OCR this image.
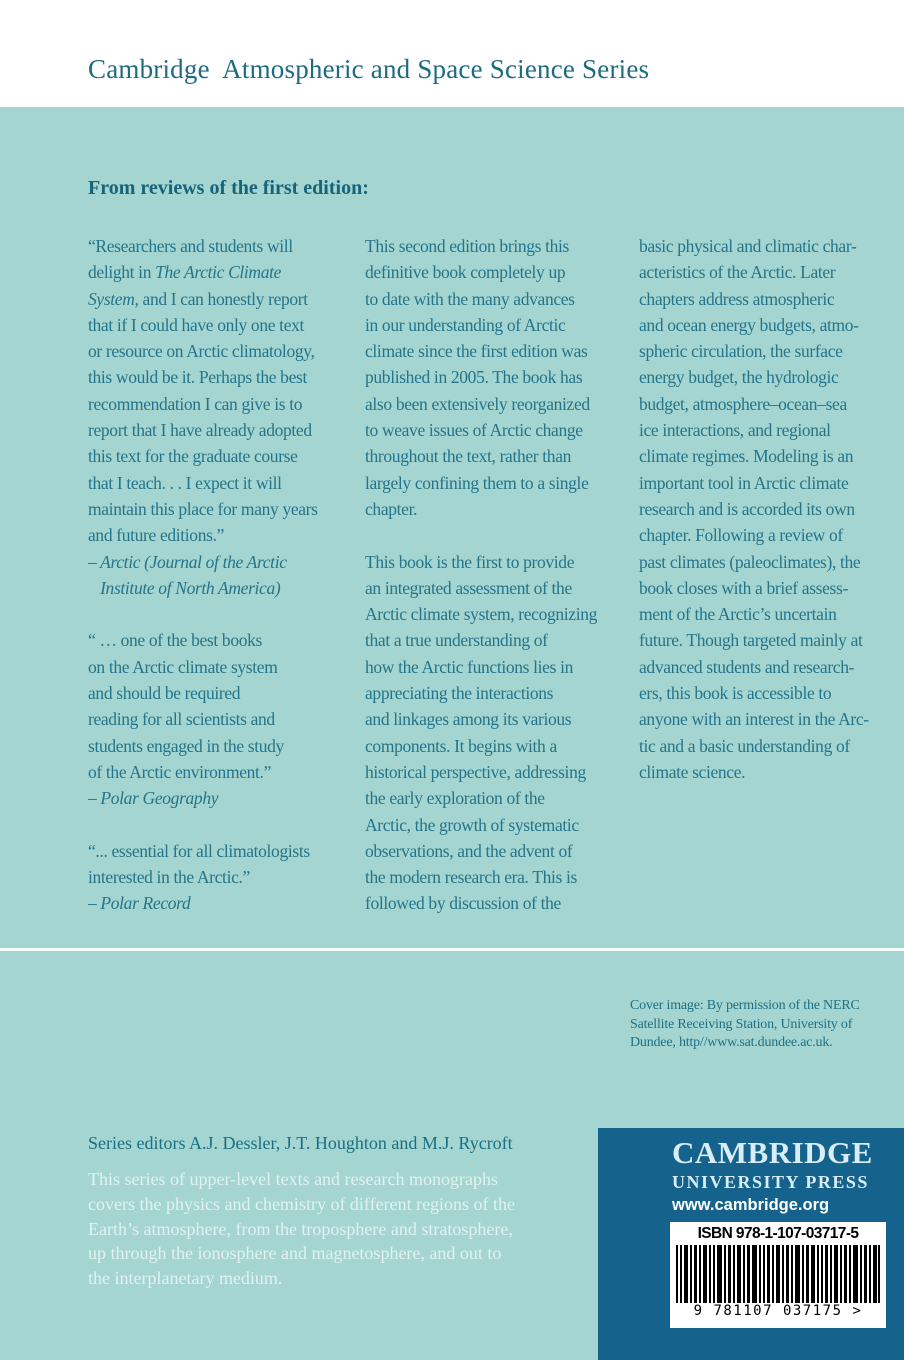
Cambridge  Atmospheric and Space Science Series
From reviews of the first edition:
“Researchers and students will
delight in The Arctic Climate
System, and I can honestly report
that if I could have only one text
or resource on Arctic climatology,
this would be it. Perhaps the best
recommendation I can give is to
report that I have already adopted
this text for the graduate course
that I teach. . . I expect it will
maintain this place for many years
and future editions.”
– Arctic (Journal of the Arctic
Institute of North America)

“ … one of the best books
on the Arctic climate system
and should be required
reading for all scientists and
students engaged in the study
of the Arctic environment.”
– Polar Geography

“... essential for all climatologists
interested in the Arctic.”
– Polar Record
This second edition brings this
definitive book completely up
to date with the many advances
in our understanding of Arctic
climate since the first edition was
published in 2005. The book has
also been extensively reorganized
to weave issues of Arctic change
throughout the text, rather than
largely confining them to a single
chapter.

This book is the first to provide
an integrated assessment of the
Arctic climate system, recognizing
that a true understanding of
how the Arctic functions lies in
appreciating the interactions
and linkages among its various
components. It begins with a
historical perspective, addressing
the early exploration of the
Arctic, the growth of systematic
observations, and the advent of
the modern research era. This is
followed by discussion of the
basic physical and climatic char-
acteristics of the Arctic. Later
chapters address atmospheric
and ocean energy budgets, atmo-
spheric circulation, the surface
energy budget, the hydrologic
budget, atmosphere–ocean–sea
ice interactions, and regional
climate regimes. Modeling is an
important tool in Arctic climate
research and is accorded its own
chapter. Following a review of
past climates (paleoclimates), the
book closes with a brief assess-
ment of the Arctic’s uncertain
future. Though targeted mainly at
advanced students and research-
ers, this book is accessible to
anyone with an interest in the Arc-
tic and a basic understanding of
climate science.
Cover image: By permission of the NERC
Satellite Receiving Station, University of
Dundee, http//www.sat.dundee.ac.uk.
Series editors A.J. Dessler, J.T. Houghton and M.J. Rycroft
This series of upper-level texts and research monographs
covers the physics and chemistry of different regions of the
Earth’s atmosphere, from the troposphere and stratosphere,
up through the ionosphere and magnetosphere, and out to
the interplanetary medium.
CAMBRIDGE
UNIVERSITY PRESS
www.cambridge.org
ISBN 978-1-107-03717-5
9 781107 037175 >
